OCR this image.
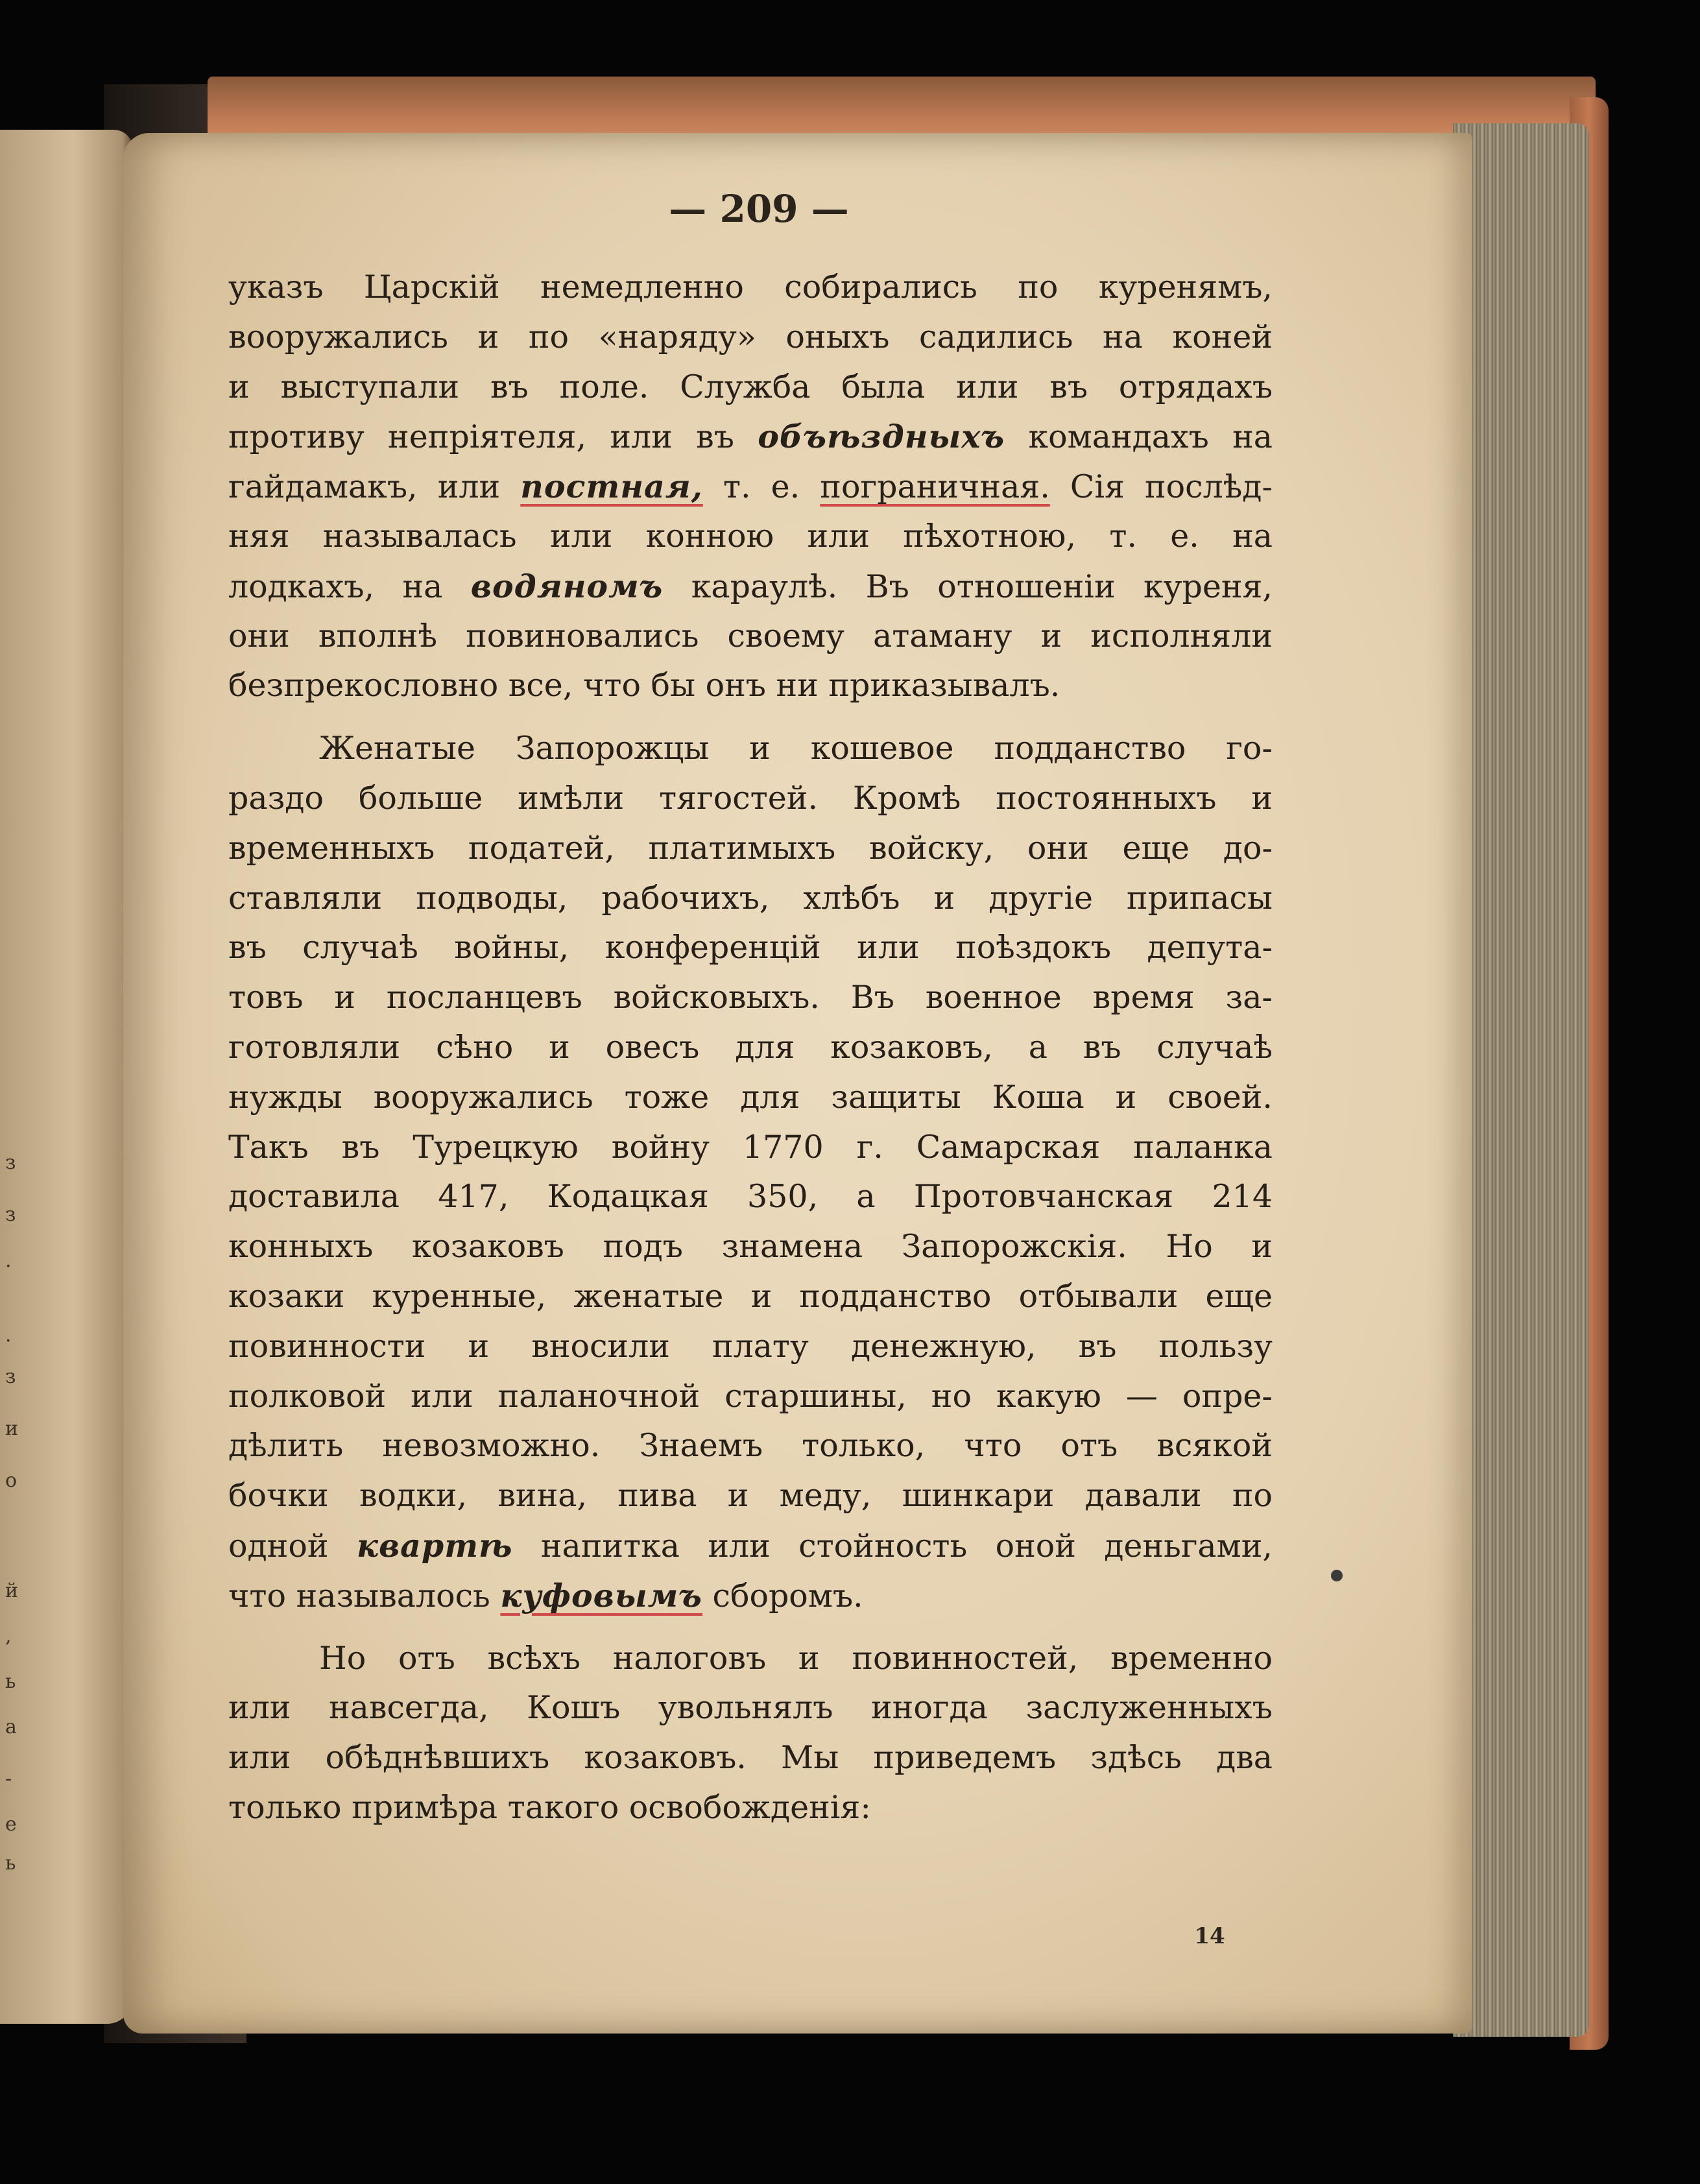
з
з
·
·
з
и
о
й
,
ь
а
-
е
ь
— 209 —
указъ Царскій немедленно собирались по куренямъ,
вооружались и по «наряду» оныхъ садились на коней
и выступали въ поле. Служба была или въ отрядахъ
противу непріятеля, или въ объѣздныхъ командахъ на
гайдамакъ, или постная, т. е. пограничная. Сія послѣд-
няя называлась или конною или пѣхотною, т. е. на
лодкахъ, на водяномъ караулѣ. Въ отношеніи куреня,
они вполнѣ повиновались своему атаману и исполняли
безпрекословно все, что бы онъ ни приказывалъ.
Женатые Запорожцы и кошевое подданство го-
раздо больше имѣли тягостей. Кромѣ постоянныхъ и
временныхъ податей, платимыхъ войску, они еще до-
ставляли подводы, рабочихъ, хлѣбъ и другіе припасы
въ случаѣ войны, конференцій или поѣздокъ депута-
товъ и посланцевъ войсковыхъ. Въ военное время за-
готовляли сѣно и овесъ для козаковъ, а въ случаѣ
нужды вооружались тоже для защиты Коша и своей.
Такъ въ Турецкую войну 1770 г. Самарская паланка
доставила 417, Кодацкая 350, а Протовчанская 214
конныхъ козаковъ подъ знамена Запорожскія. Но и
козаки куренные, женатые и подданство отбывали еще
повинности и вносили плату денежную, въ пользу
полковой или паланочной старшины, но какую — опре-
дѣлить невозможно. Знаемъ только, что отъ всякой
бочки водки, вина, пива и меду, шинкари давали по
одной квартѣ напитка или стойность оной деньгами,
что называлось куфовымъ сборомъ.
Но отъ всѣхъ налоговъ и повинностей, временно
или навсегда, Кошъ увольнялъ иногда заслуженныхъ
или обѣднѣвшихъ козаковъ. Мы приведемъ здѣсь два
только примѣра такого освобожденія:
14
